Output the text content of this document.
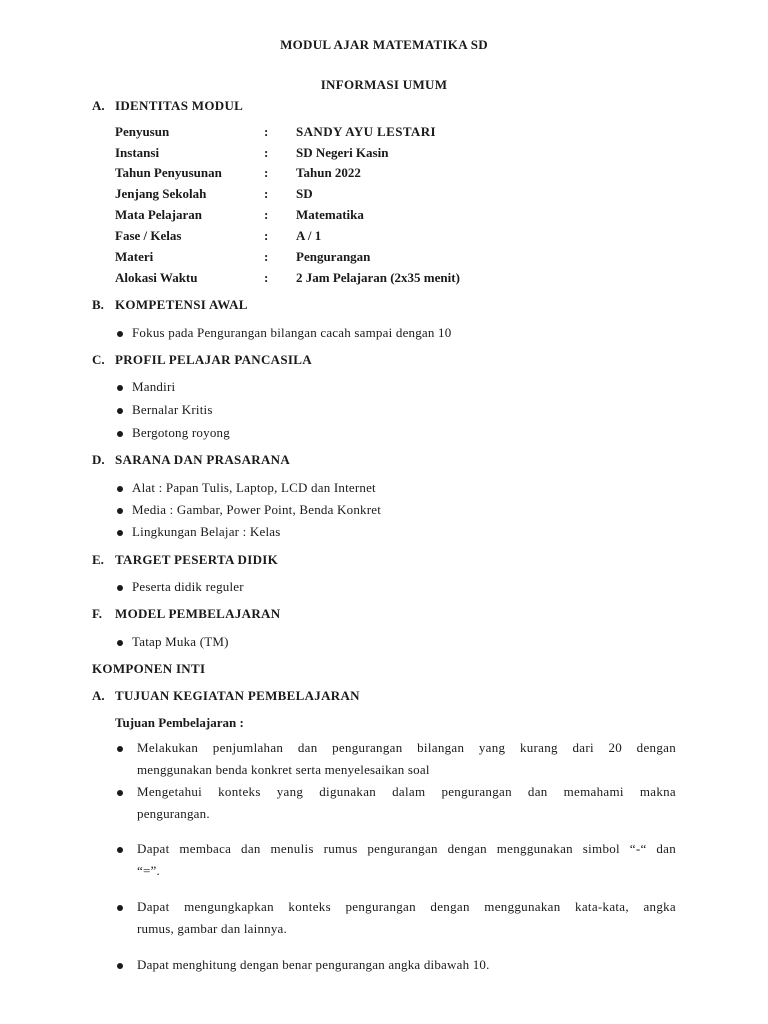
MODUL AJAR MATEMATIKA SD
INFORMASI UMUM
A. IDENTITAS MODUL
Penyusun	: SANDY AYU LESTARI
Instansi	: SD Negeri Kasin
Tahun Penyusunan	: Tahun 2022
Jenjang Sekolah	: SD
Mata Pelajaran	: Matematika
Fase / Kelas	: A / 1
Materi	: Pengurangan
Alokasi Waktu	: 2 Jam Pelajaran (2x35 menit)
B. KOMPETENSI AWAL
Fokus pada Pengurangan bilangan cacah sampai dengan 10
C. PROFIL PELAJAR PANCASILA
Mandiri
Bernalar Kritis
Bergotong royong
D. SARANA DAN PRASARANA
Alat : Papan Tulis, Laptop, LCD dan Internet
Media : Gambar, Power Point, Benda Konkret
Lingkungan Belajar : Kelas
E. TARGET PESERTA DIDIK
Peserta didik reguler
F. MODEL PEMBELAJARAN
Tatap Muka (TM)
KOMPONEN INTI
A. TUJUAN KEGIATAN PEMBELAJARAN
Tujuan Pembelajaran :
Melakukan penjumlahan dan pengurangan bilangan yang kurang dari 20 dengan
menggunakan benda konkret serta menyelesaikan soal
Mengetahui konteks yang digunakan dalam pengurangan dan memahami makna
pengurangan.
Dapat membaca dan menulis rumus pengurangan dengan menggunakan simbol “-“ dan
“=”.
Dapat mengungkapkan konteks pengurangan dengan menggunakan kata-kata, angka
rumus, gambar dan lainnya.
Dapat menghitung dengan benar pengurangan angka dibawah 10.
